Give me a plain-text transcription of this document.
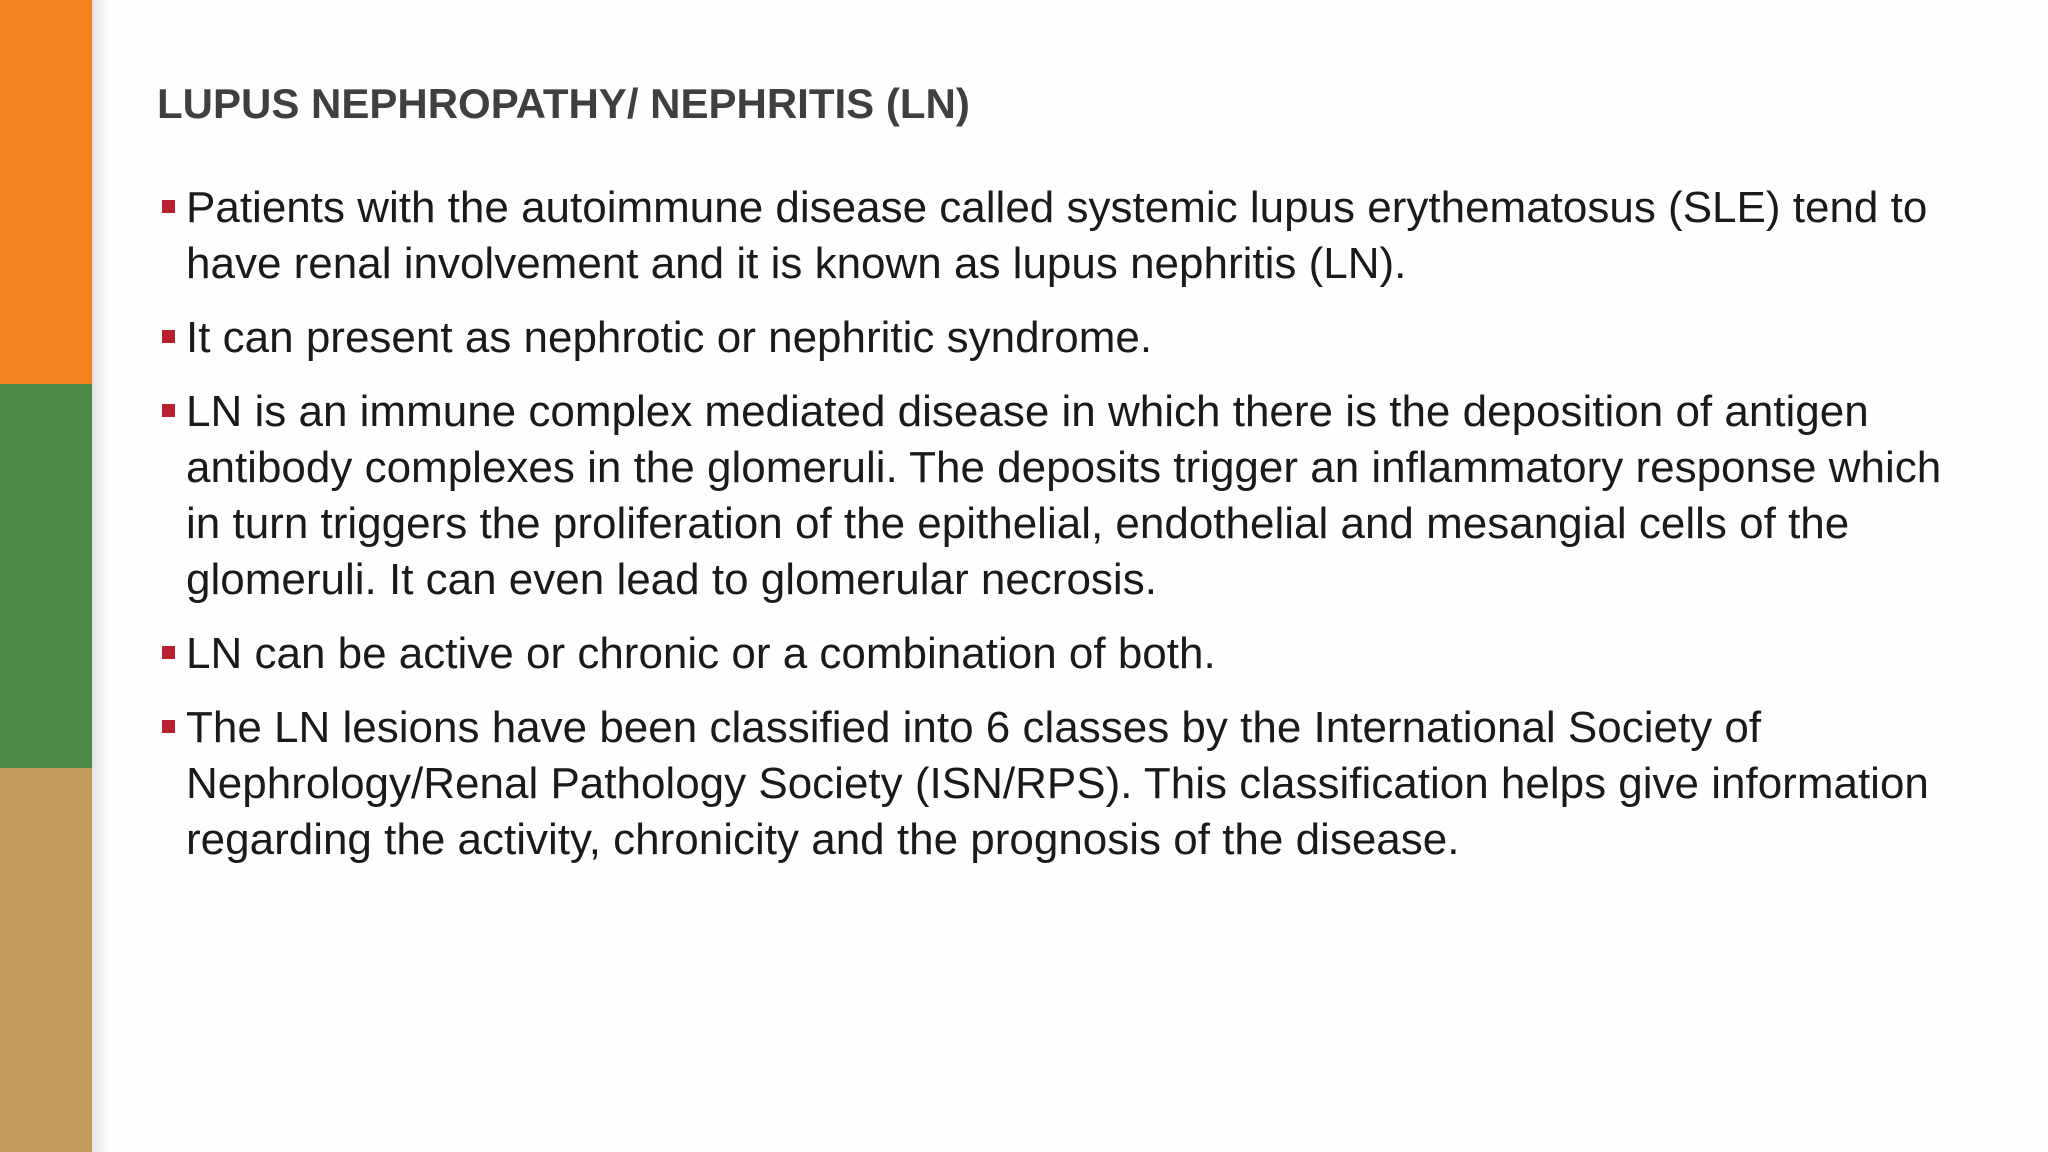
LUPUS NEPHROPATHY/ NEPHRITIS (LN)
Patients with the autoimmune disease called systemic lupus erythematosus (SLE) tend to have renal involvement and it is known as lupus nephritis (LN).
It can present as nephrotic or nephritic syndrome.
LN is an immune complex mediated disease in which there is the deposition of antigen antibody complexes in the glomeruli. The deposits trigger an inflammatory response which in turn triggers the proliferation of the epithelial, endothelial and mesangial cells of the glomeruli. It can even lead to glomerular necrosis.
LN can be active or chronic or a combination of both.
The LN lesions have been classified into 6 classes by the International Society of Nephrology/Renal Pathology Society (ISN/RPS). This classification helps give information regarding the activity, chronicity and the prognosis of the disease.
